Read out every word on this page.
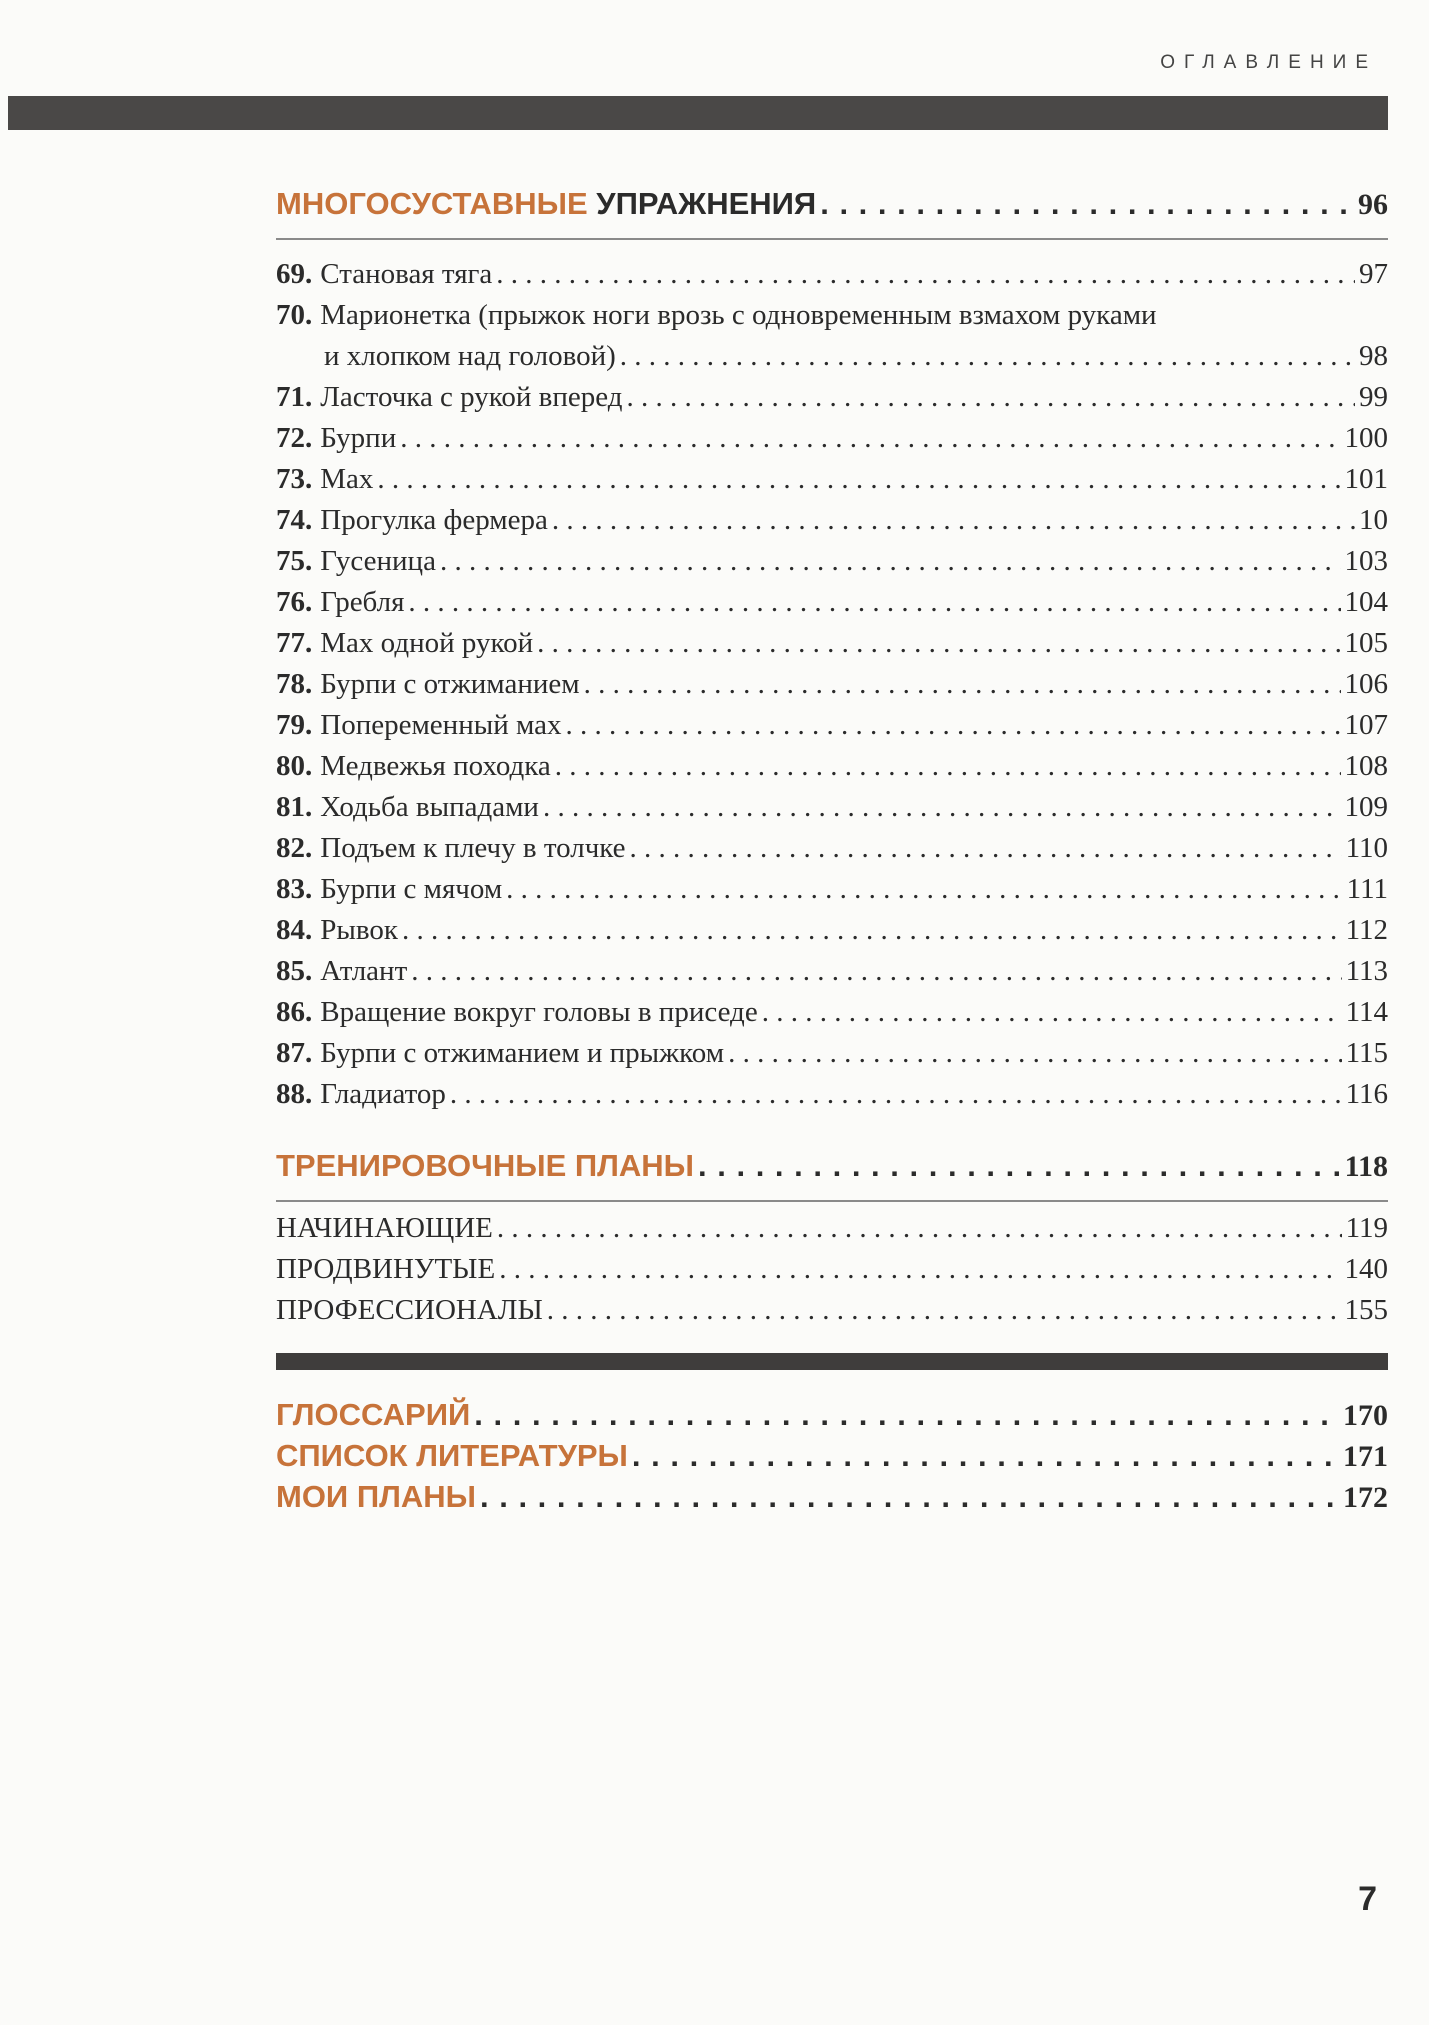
ОГЛАВЛЕНИЕ
МНОГОСУСТАВНЫЕ УПРАЖНЕНИЯ . . .	96
69. Становая тяга . . .	97
70. Марионетка (прыжок ноги врозь с одновременным взмахом руками
и хлопком над головой) . . .	98
71. Ласточка с рукой вперед . . .	99
72. Бурпи . . .	100
73. Мах . . .	101
74. Прогулка фермера . . .	10
75. Гусеница . . .	103
76. Гребля . . .	104
77. Мах одной рукой . . .	105
78. Бурпи с отжиманием . . .	106
79. Попеременный мах . . .	107
80. Медвежья походка . . .	108
81. Ходьба выпадами . . .	109
82. Подъем к плечу в толчке . . .	110
83. Бурпи с мячом . . .	111
84. Рывок . . .	112
85. Атлант . . .	113
86. Вращение вокруг головы в приседе . . .	114
87. Бурпи с отжиманием и прыжком . . .	115
88. Гладиатор . . .	116
ТРЕНИРОВОЧНЫЕ ПЛАНЫ . . .	118
НАЧИНАЮЩИЕ . . .	119
ПРОДВИНУТЫЕ . . .	140
ПРОФЕССИОНАЛЫ . . .	155
ГЛОССАРИЙ . . .	170
СПИСОК ЛИТЕРАТУРЫ . . .	171
МОИ ПЛАНЫ . . .	172
7
